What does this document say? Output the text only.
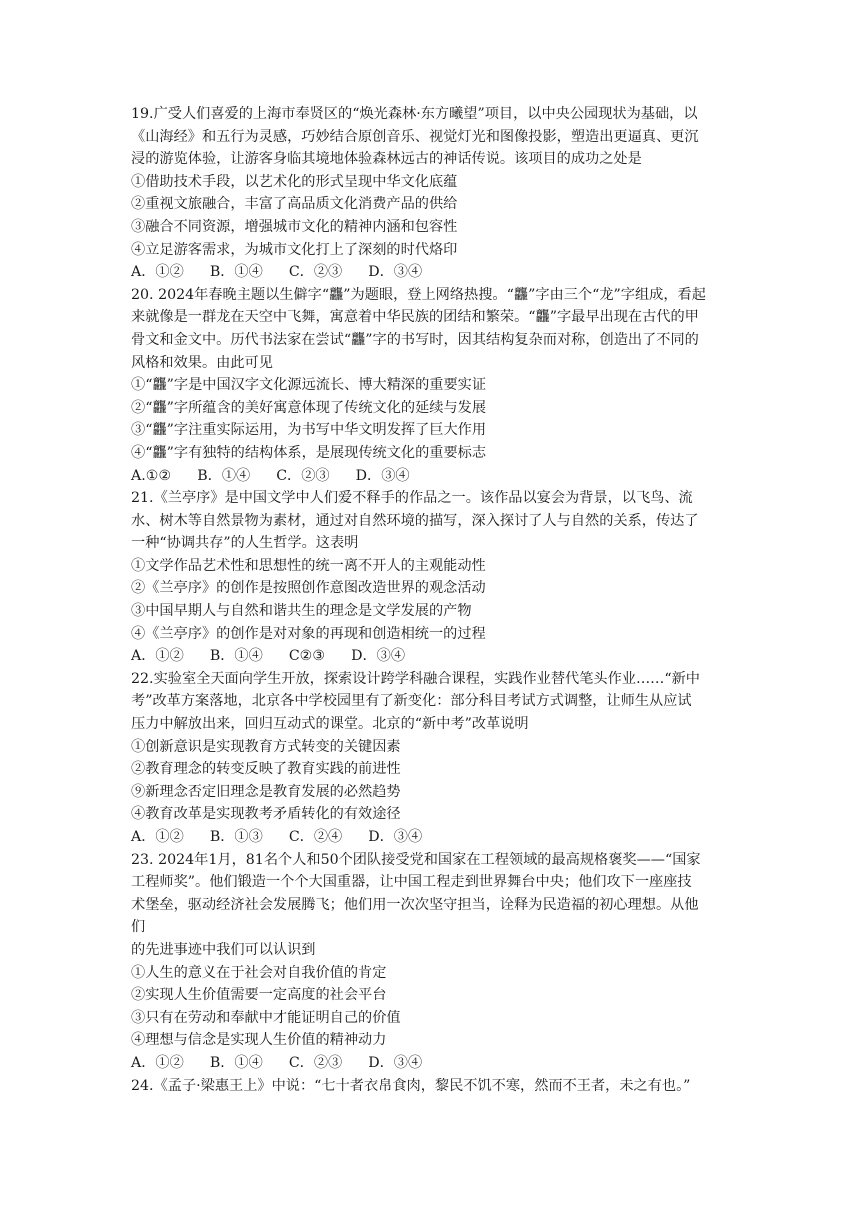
19.广受人们喜爱的上海市奉贤区的“焕光森林·东方曦望”项目，以中央公园现状为基础，以
《山海经》和五行为灵感，巧妙结合原创音乐、视觉灯光和图像投影，塑造出更逼真、更沉
浸的游览体验，让游客身临其境地体验森林远古的神话传说。该项目的成功之处是
①借助技术手段，以艺术化的形式呈现中华文化底蕴
②重视文旅融合，丰富了高品质文化消费产品的供给
③融合不同资源，增强城市文化的精神内涵和包容性
④立足游客需求，为城市文化打上了深刻的时代烙印
A．①② B．①④ C．②③ D．③④
20. 2024年春晚主题以生僻字“龘”为题眼，登上网络热搜。“龘”字由三个“龙”字组成，看起
来就像是一群龙在天空中飞舞，寓意着中华民族的团结和繁荣。“龘”字最早出现在古代的甲
骨文和金文中。历代书法家在尝试“龘”字的书写时，因其结构复杂而对称，创造出了不同的
风格和效果。由此可见
①“龘”字是中国汉字文化源远流长、博大精深的重要实证
②“龘”字所蕴含的美好寓意体现了传统文化的延续与发展
③“龘”字注重实际运用，为书写中华文明发挥了巨大作用
④“龘”字有独特的结构体系，是展现传统文化的重要标志
A.①② B．①④ C．②③ D．③④
21.《兰亭序》是中国文学中人们爱不释手的作品之一。该作品以宴会为背景，以飞鸟、流
水、树木等自然景物为素材，通过对自然环境的描写，深入探讨了人与自然的关系，传达了
一种“协调共存”的人生哲学。这表明
①文学作品艺术性和思想性的统一离不开人的主观能动性
②《兰亭序》的创作是按照创作意图改造世界的观念活动
③中国早期人与自然和谐共生的理念是文学发展的产物
④《兰亭序》的创作是对对象的再现和创造相统一的过程
A．①② B．①④ C②③ D．③④
22.实验室全天面向学生开放，探索设计跨学科融合课程，实践作业替代笔头作业……“新中
考”改革方案落地，北京各中学校园里有了新变化：部分科目考试方式调整，让师生从应试
压力中解放出来，回归互动式的课堂。北京的“新中考”改革说明
①创新意识是实现教育方式转变的关键因素
②教育理念的转变反映了教育实践的前进性
⑨新理念否定旧理念是教育发展的必然趋势
④教育改革是实现教考矛盾转化的有效途径
A．①② B．①③ C．②④ D．③④
23. 2024年1月，81名个人和50个团队接受党和国家在工程领域的最高规格褒奖——“国家
工程师奖”。他们锻造一个个大国重器，让中国工程走到世界舞台中央；他们攻下一座座技
术堡垒，驱动经济社会发展腾飞；他们用一次次坚守担当，诠释为民造福的初心理想。从他
们
的先进事迹中我们可以认识到
①人生的意义在于社会对自我价值的肯定
②实现人生价值需要一定高度的社会平台
③只有在劳动和奉献中才能证明自己的价值
④理想与信念是实现人生价值的精神动力
A．①② B．①④ C．②③ D．③④
24.《孟子·梁惠王上》中说：“七十者衣帛食肉，黎民不饥不寒，然而不王者，未之有也。”
